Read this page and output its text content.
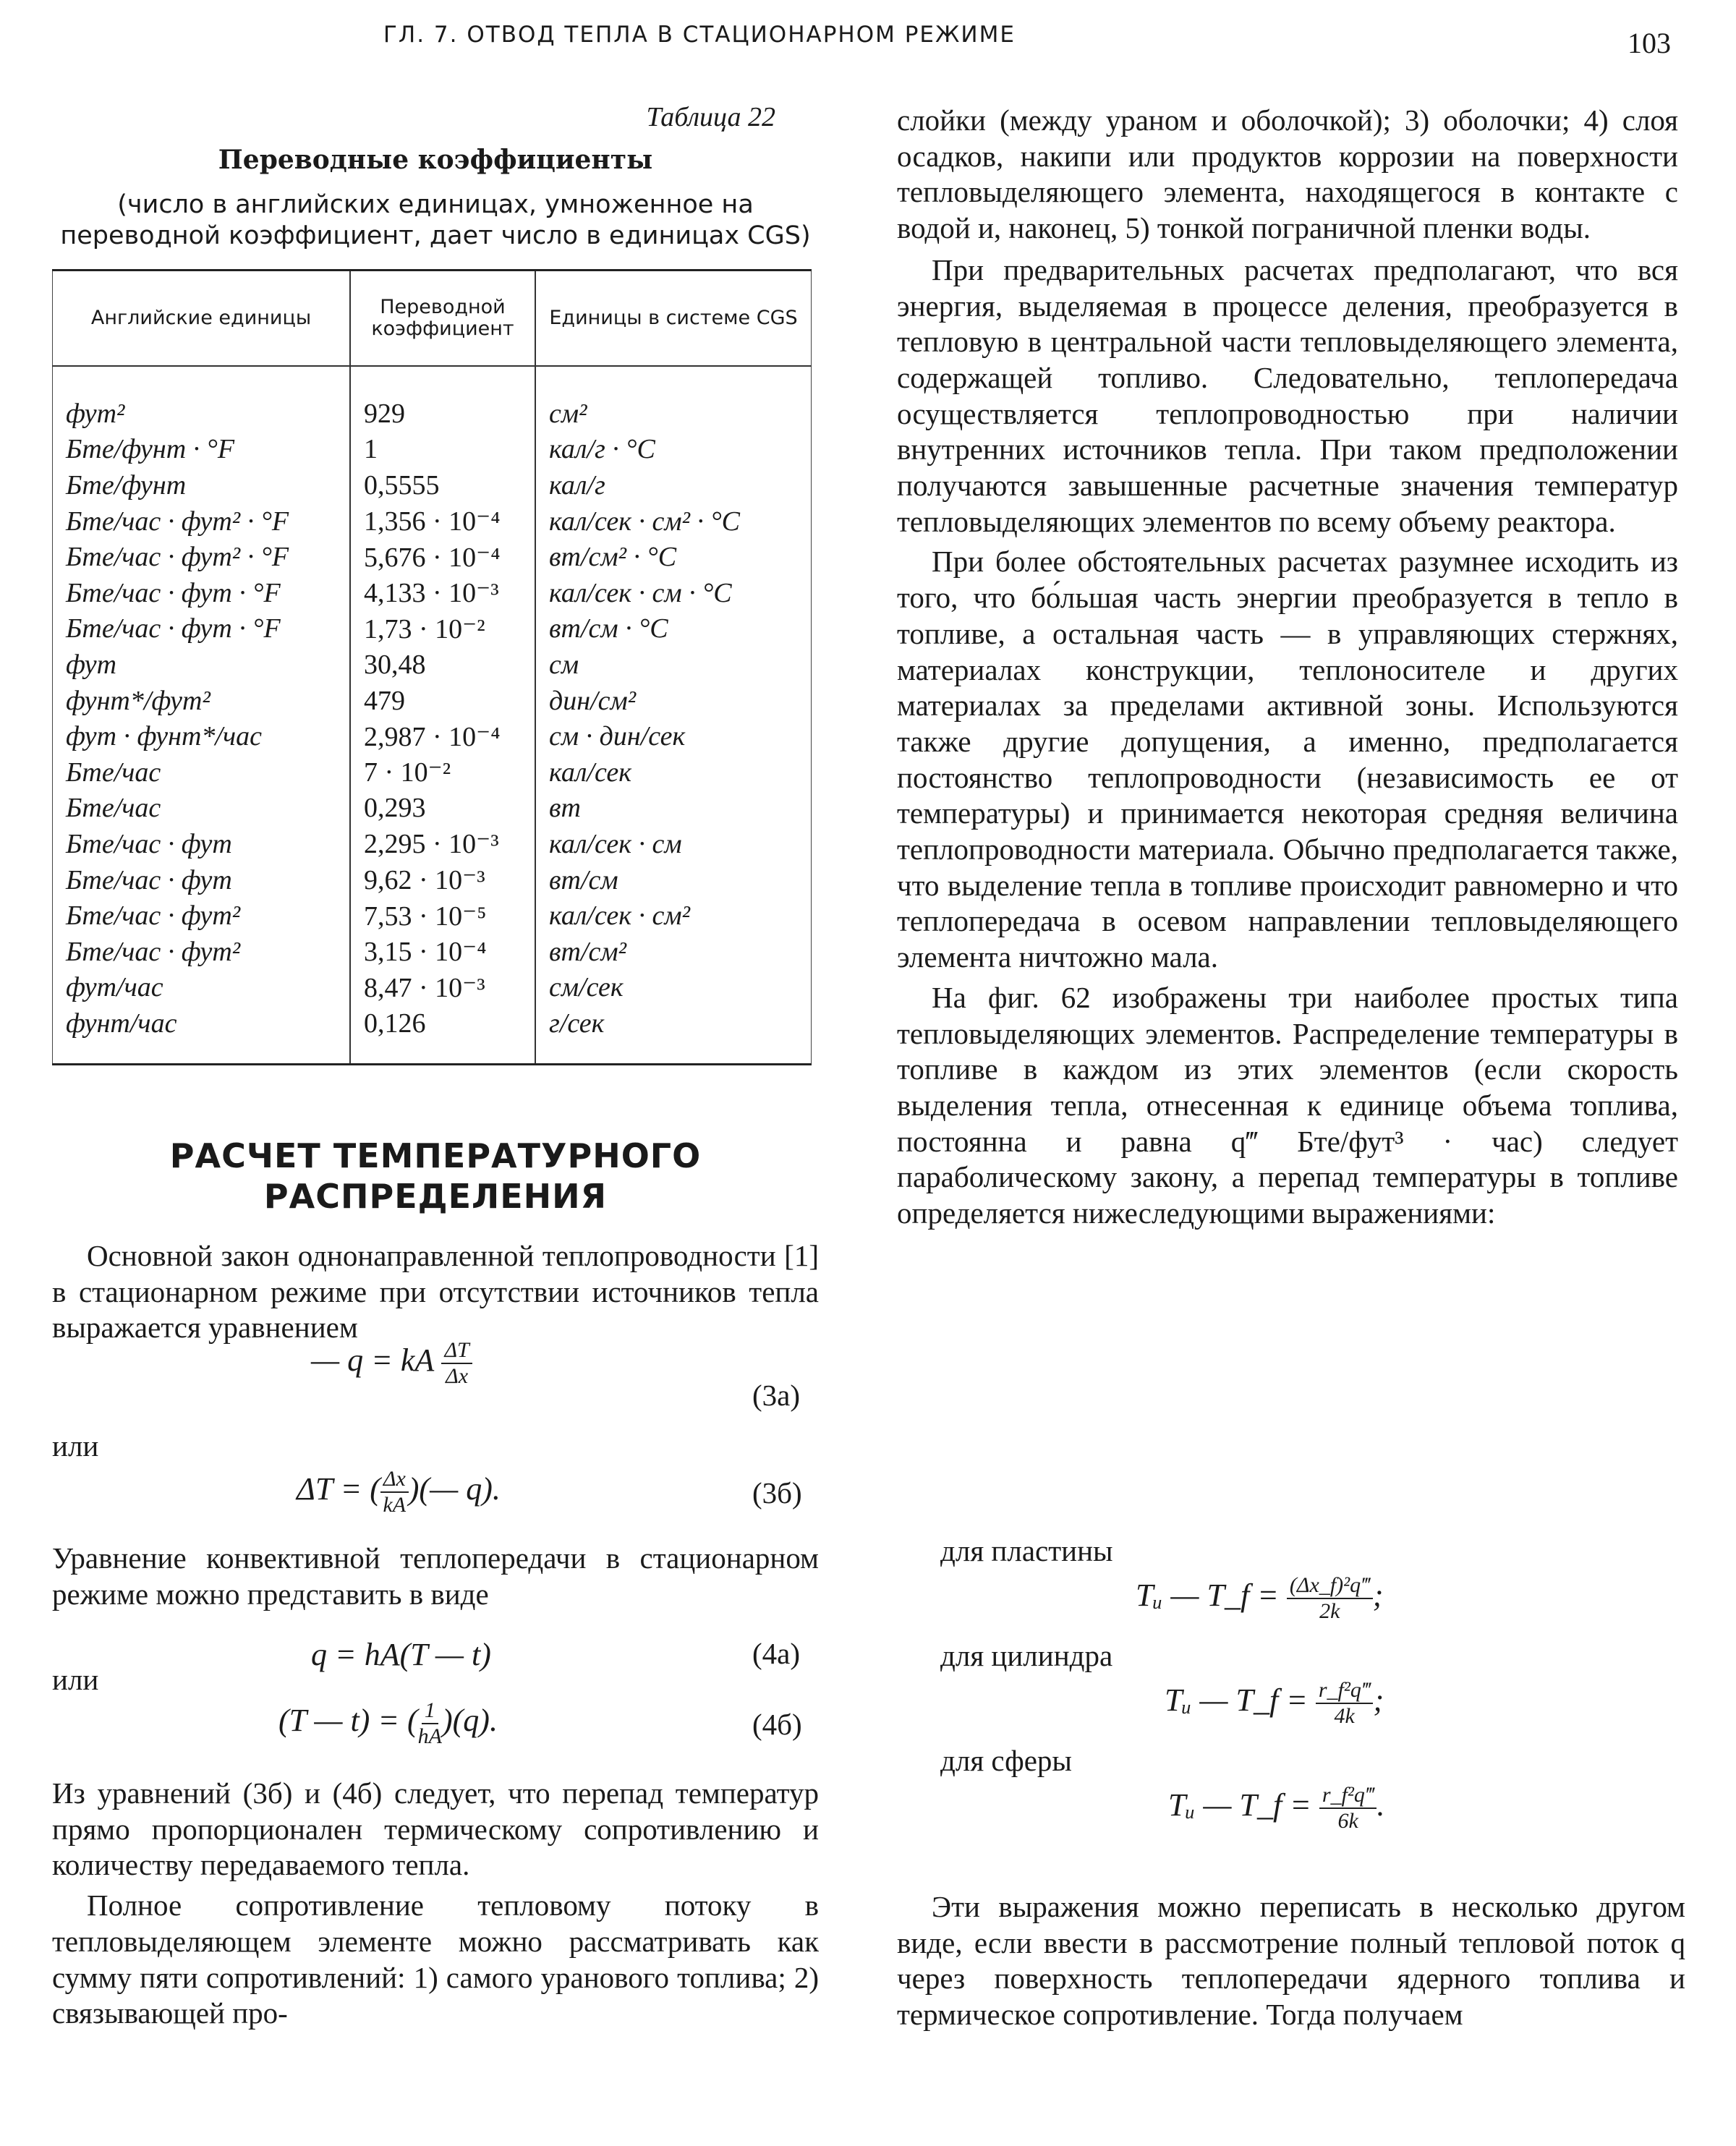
ГЛ. 7. ОТВОД ТЕПЛА В СТАЦИОНАРНОМ РЕЖИМЕ	103
Таблица 22
Переводные коэффициенты
(число в английских единицах, умноженное на переводной коэффициент, дает число в единицах CGS)
Английские единицы	Переводной коэффициент	Единицы в системе CGS
фут²	929	см²
Бте/фунт · °F	1	кал/г · °С
Бте/фунт	0,5555	кал/г
Бте/час · фут² · °F	1,356 · 10⁻⁴	кал/сек · см² · °С
Бте/час · фут² · °F	5,676 · 10⁻⁴	вт/см² · °С
Бте/час · фут · °F	4,133 · 10⁻³	кал/сек · см · °С
Бте/час · фут · °F	1,73 · 10⁻²	вт/см · °С
фут	30,48	см
фунт*/фут²	479	дин/см²
фут · фунт*/час	2,987 · 10⁻⁴	см · дин/сек
Бте/час	7 · 10⁻²	кал/сек
Бте/час	0,293	вт
Бте/час · фут	2,295 · 10⁻³	кал/сек · см
Бте/час · фут	9,62 · 10⁻³	вт/см
Бте/час · фут²	7,53 · 10⁻⁵	кал/сек · см²
Бте/час · фут²	3,15 · 10⁻⁴	вт/см²
фут/час	8,47 · 10⁻³	см/сек
фунт/час	0,126	г/сек
РАСЧЕТ ТЕМПЕРАТУРНОГО РАСПРЕДЕЛЕНИЯ

Основной закон однонаправленной теплопроводности [1] в стационарном режиме при отсутствии источников тепла выражается уравнением

— q = kA $\frac{\Delta T}{\Delta x}$
(3а)
или
ΔT = ( $\frac{\Delta x}{kA}$ )(— q).	(3б)

Уравнение конвективной теплопередачи в стационарном режиме можно представить в виде

q = hA(T — t)	(4а)
или
(T — t) = ( $\frac{1}{hA} )(q)$.	(4б)

Из уравнений (3б) и (4б) следует, что перепад температур прямо пропорционален термическому сопротивлению и количеству передаваемого тепла.

Полное сопротивление тепловому потоку в тепловыделяющем элементе можно рассматривать как сумму пяти сопротивлений: 1) самого уранового топлива; 2) связывающей про-

слойки (между ураном и оболочкой); 3) оболочки; 4) слоя осадков, накипи или продуктов коррозии на поверхности тепловыделяющего элемента, находящегося в контакте с водой и, наконец, 5) тонкой пограничной пленки воды.

При предварительных расчетах предполагают, что вся энергия, выделяемая в процессе деления, преобразуется в тепловую в центральной части тепловыделяющего элемента, содержащей топливо. Следовательно, теплопередача осуществляется теплопроводностью при наличии внутренних источников тепла. При таком предположении получаются завышенные расчетные значения температур тепловыделяющих элементов по всему объему реактора.

При более обстоятельных расчетах разумнее исходить из того, что бо́льшая часть энергии преобразуется в тепло в топливе, а остальная часть — в управляющих стержнях, материалах конструкции, теплоносителе и других материалах за пределами активной зоны. Используются также другие допущения, а именно, предполагается постоянство теплопроводности (независимость ее от температуры) и принимается некоторая средняя величина теплопроводности материала. Обычно предполагается также, что выделение тепла в топливе происходит равномерно и что теплопередача в осевом направлении тепловыделяющего элемента ничтожно мала.

На фиг. 62 изображены три наиболее простых типа тепловыделяющих элементов. Распределение температуры в топливе в каждом из этих элементов (если скорость выделения тепла, отнесенная к единице объема топлива, постоянна и равна q‴ Бте/фут³ · час) следует параболическому закону, а перепад температуры в топливе определяется нижеследующими выражениями:

для пластины
Tᵤ — T_f = $\frac{\text{(Δx\_f)²q‴}}{2k}$ ;
для цилиндра
Tᵤ — T_f = $\frac{\text{r\_f²q‴}}{4k}$ ;
для сферы
Tᵤ — T_f = $\frac{\text{r\_f²q‴}}{6k}$ .

Эти выражения можно переписать в несколько другом виде, если ввести в рассмотрение полный тепловой поток q через поверхность теплопередачи ядерного топлива и термическое сопротивление. Тогда получаем
